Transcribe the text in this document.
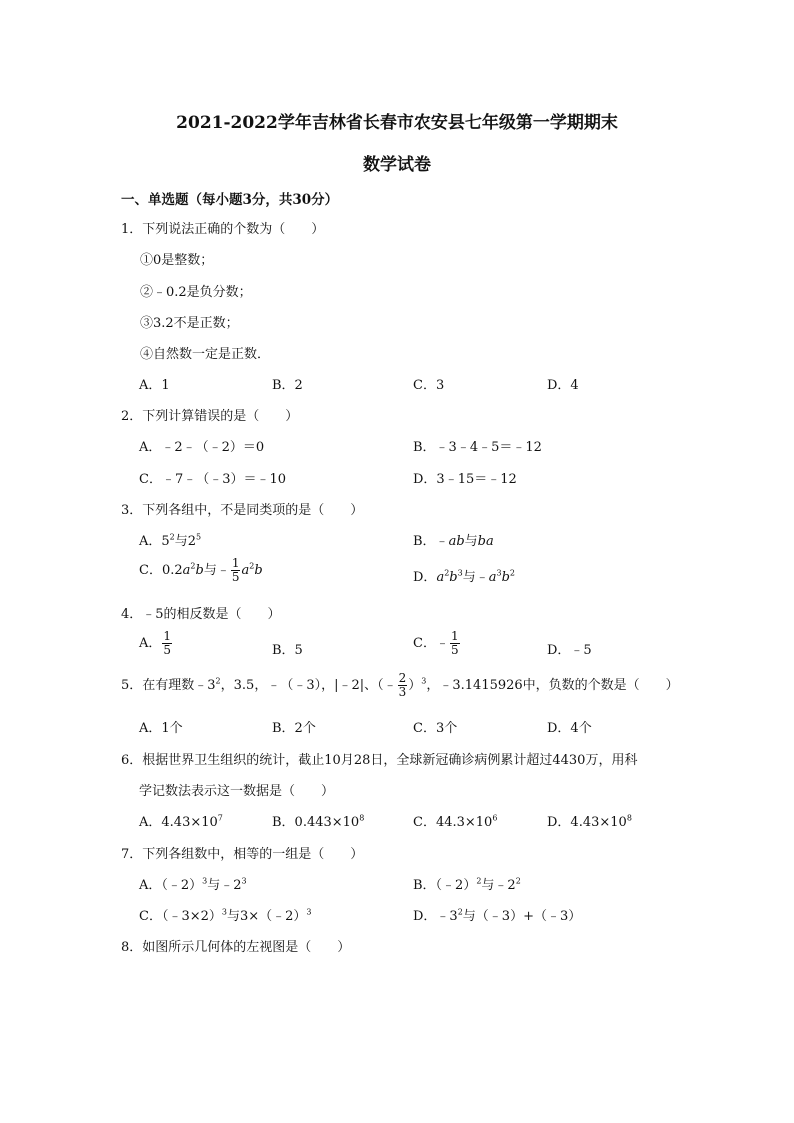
2021-2022学年吉林省长春市农安县七年级第一学期期末
数学试卷
一、单选题（每小题3分，共30分）
1．下列说法正确的个数为（　　）
①0是整数；
②﹣0.2是负分数；
③3.2不是正数；
④自然数一定是正数．
A．1	B．2	C．3	D．4
2．下列计算错误的是（　　）
A．﹣2﹣（﹣2）＝0	B．﹣3﹣4﹣5＝﹣12
C．﹣7﹣（﹣3）＝﹣10	D．3﹣15＝﹣12
3．下列各组中，不是同类项的是（　　）
A．$5^2$与$2^5$	B．﹣ab与ba
C．$0.2a^2b$与﹣ $\frac{1}{5} a^2b$	D．$a^2b^3$与$﹣a^3b^2$
4．﹣5的相反数是（　　）
A． $\frac{1}{5}$	B．5	C．﹣ $\frac{1}{5}$	D．﹣5
5．在有理数$﹣3^2$，3.5，﹣（﹣3），|﹣2|、（﹣ $\frac{2}{3} )^3$，﹣3.1415926中，负数的个数是（　　）
A．1个	B．2个	C．3个	D．4个
6．根据世界卫生组织的统计，截止10月28日，全球新冠确诊病例累计超过4430万，用科
学记数法表示这一数据是（　　）
A．$4.43\times 10^7$	B．$0.443\times 10^8$	C．$44.3\times 10^6$	D．$4.43\times 10^8$
7．下列各组数中，相等的一组是（　　）
A．（﹣2）$^3$与$﹣2^3$	B．（﹣2）$^2$与$﹣2^2$
C．（﹣3×2）$^3$与3×（﹣2）$^3$	D．$﹣3^2$与（﹣3）+（﹣3）
8．如图所示几何体的左视图是（　　）
